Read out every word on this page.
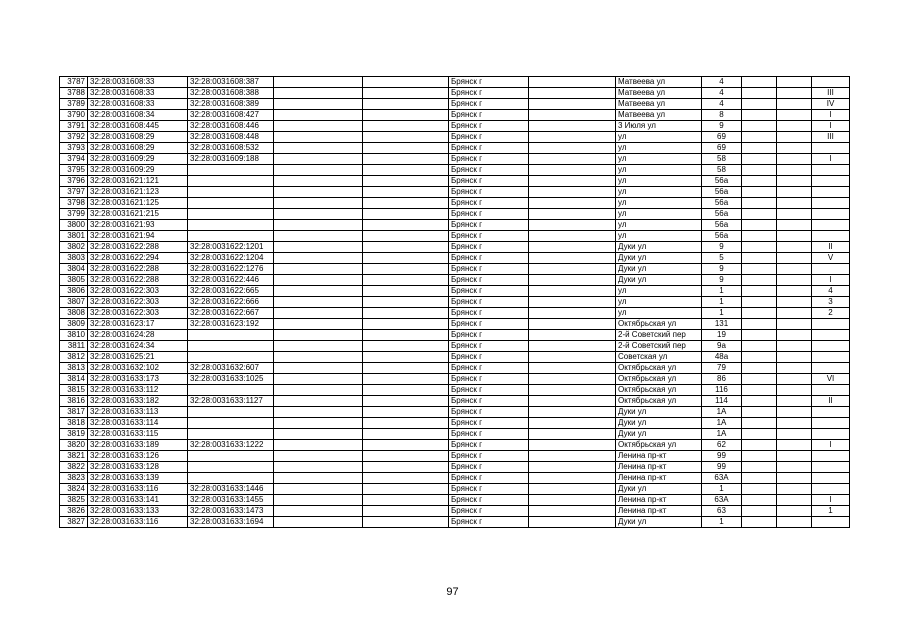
3787	32:28:0031608:33	32:28:0031608:387			Брянск г		Матвеева ул	4			
3788	32:28:0031608:33	32:28:0031608:388			Брянск г		Матвеева ул	4			III
3789	32:28:0031608:33	32:28:0031608:389			Брянск г		Матвеева ул	4			IV
3790	32:28:0031608:34	32:28:0031608:427			Брянск г		Матвеева ул	8			I
3791	32:28:0031608:445	32:28:0031608:446			Брянск г		3 Июля ул	9			I
3792	32:28:0031608:29	32:28:0031608:448			Брянск г		ул	69			III
3793	32:28:0031608:29	32:28:0031608:532			Брянск г		ул	69			
3794	32:28:0031609:29	32:28:0031609:188			Брянск г		ул	58			I
3795	32:28:0031609:29				Брянск г		ул	58			
3796	32:28:0031621:121				Брянск г		ул	56а			
3797	32:28:0031621:123				Брянск г		ул	56а			
3798	32:28:0031621:125				Брянск г		ул	56а			
3799	32:28:0031621:215				Брянск г		ул	56а			
3800	32:28:0031621:93				Брянск г		ул	56а			
3801	32:28:0031621:94				Брянск г		ул	56а			
3802	32:28:0031622:288	32:28:0031622:1201			Брянск г		Дуки ул	9			II
3803	32:28:0031622:294	32:28:0031622:1204			Брянск г		Дуки ул	5			V
3804	32:28:0031622:288	32:28:0031622:1276			Брянск г		Дуки ул	9			
3805	32:28:0031622:288	32:28:0031622:446			Брянск г		Дуки ул	9			I
3806	32:28:0031622:303	32:28:0031622:665			Брянск г		ул	1			4
3807	32:28:0031622:303	32:28:0031622:666			Брянск г		ул	1			3
3808	32:28:0031622:303	32:28:0031622:667			Брянск г		ул	1			2
3809	32:28:0031623:17	32:28:0031623:192			Брянск г		Октябрьская ул	131			
3810	32:28:0031624:28				Брянск г		2-й Советский пер	19			
3811	32:28:0031624:34				Брянск г		2-й Советский пер	9а			
3812	32:28:0031625:21				Брянск г		Советская ул	48а			
3813	32:28:0031632:102	32:28:0031632:607			Брянск г		Октябрьская ул	79			
3814	32:28:0031633:173	32:28:0031633:1025			Брянск г		Октябрьская ул	86			VI
3815	32:28:0031633:112				Брянск г		Октябрьская ул	116			
3816	32:28:0031633:182	32:28:0031633:1127			Брянск г		Октябрьская ул	114			II
3817	32:28:0031633:113				Брянск г		Дуки ул	1А			
3818	32:28:0031633:114				Брянск г		Дуки ул	1А			
3819	32:28:0031633:115				Брянск г		Дуки ул	1А			
3820	32:28:0031633:189	32:28:0031633:1222			Брянск г		Октябрьская ул	62			I
3821	32:28:0031633:126				Брянск г		Ленина пр-кт	99			
3822	32:28:0031633:128				Брянск г		Ленина пр-кт	99			
3823	32:28:0031633:139				Брянск г		Ленина пр-кт	63А			
3824	32:28:0031633:116	32:28:0031633:1446			Брянск г		Дуки ул	1			
3825	32:28:0031633:141	32:28:0031633:1455			Брянск г		Ленина пр-кт	63А			I
3826	32:28:0031633:133	32:28:0031633:1473			Брянск г		Ленина пр-кт	63			1
3827	32:28:0031633:116	32:28:0031633:1694			Брянск г		Дуки ул	1			
97
